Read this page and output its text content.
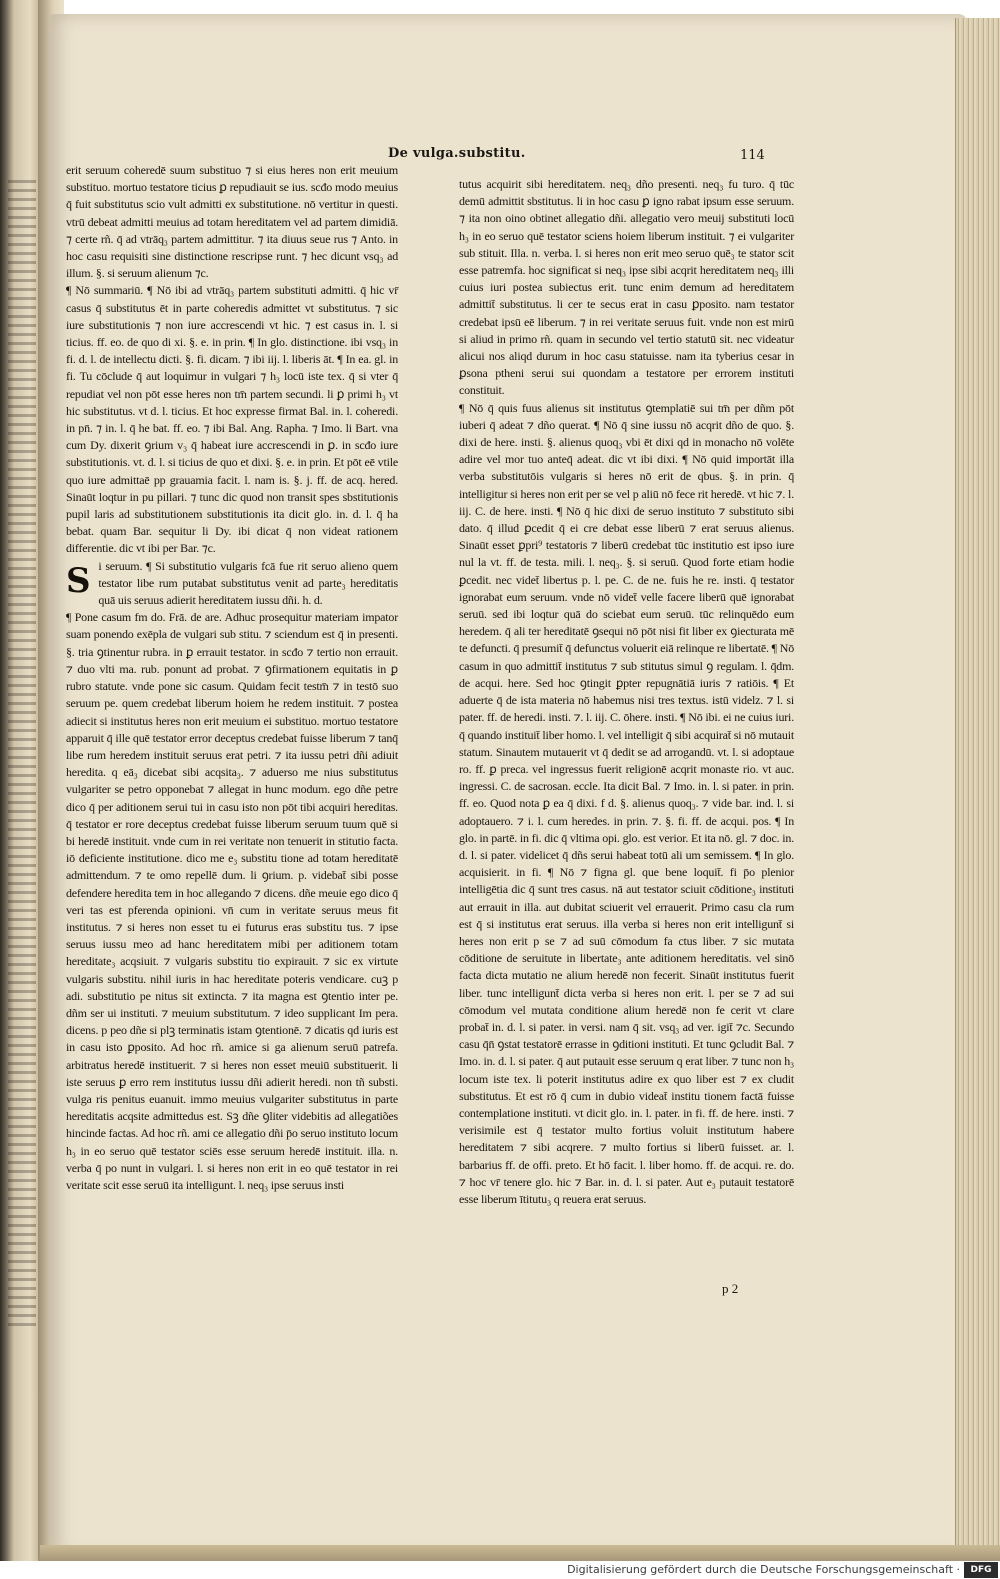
De vulga.substitu.	114

erit seruum coheredē suum substituo ⁊ si eius heres non erit meuium substituo. mortuo testatore ticius ꝑ repudiauit se ius. scđo modo meuius q̄ fuit substitutus scio vult admitti ex substitutione. nō vertitur in questi. vtrū debeat admitti meuius ad totam hereditatem vel ad partem dimidiā. ⁊ certe rñ. q̄ ad vtrāq₃ partem admittitur. ⁊ ita diuus seue rus ⁊ Anto. in hoc casu requisiti sine distinctione rescripse runt. ⁊ hec dicunt vsq₃ ad illum. §. si seruum alienum ⁊c.

¶ Nō summariū. ¶ Nō ibi ad vtrāq₃ partem substituti admitti. q̄ hic vr̄ casus q̄ substitutus ēt in parte coheredis admittet vt substitutus. ⁊ sic iure substitutionis ⁊ non iure accrescendi vt hic. ⁊ est casus in. l. si ticius. ff. eo. de quo di xi. §. e. in prin. ¶ In glo. distinctione. ibi vsq₃ in fi. d. l. de intellectu dicti. §. fi. dicam. ⁊ ibi iij. l. liberis āt. ¶ In ea. gl. in fi. Tu cōclude q̄ aut loquimur in vulgari ⁊ h₃ locū iste tex. q̄ si vter q̄ repudiat vel non pōt esse heres non tm̄ partem secundi. li ꝑ primi h₃ vt hic substitutus. vt d. l. ticius. Et hoc expresse firmat Bal. in. l. coheredi. in pn̄. ⁊ in. l. q̄ he bat. ff. eo. ⁊ ibi Bal. Ang. Rapha. ⁊ Imo. li Bart. vna cum Dy. dixerit ꝯrium v₃ q̄ habeat iure accrescendi in ꝑ. in scđo iure substitutionis. vt. d. l. si ticius de quo et dixi. §. e. in prin. Et pōt eē vtile quo iure admittaē pp grauamia facit. l. nam is. §. j. ff. de acq. hered. Sinaūt loqtur in pu pillari. ⁊ tunc dic quod non transit spes sbstitutionis pupil laris ad substitutionem substitutionis ita dicit glo. in. d. l. q̄ ha bebat. quam Bar. sequitur li Dy. ibi dicat q̄ non videat rationem differentie. dic vt ibi per Bar. ⁊c.

Si seruum. ¶ Si substitutio vulgaris fcā fue rit seruo alieno quem testator libe rum putabat substitutus venit ad parte₃ hereditatis quā uis seruus adierit hereditatem iussu dñi. h. d.

¶ Pone casum fm do. Frā. de are. Adhuc prosequitur materiam impator suam ponendo exēpla de vulgari sub stitu. ⁊ sciendum est q̄ in presenti. §. tria ꝯtinentur rubra. in ꝑ errauit testator. in scđo ⁊ tertio non errauit. ⁊ duo vlti ma. rub. ponunt ad probat. ⁊ ꝯfirmationem equitatis in ꝑ rubro statute. vnde pone sic casum. Quidam fecit testm̄ ⁊ in testō suo seruum pe. quem credebat liberum hoiem he redem instituit. ⁊ postea adiecit si institutus heres non erit meuium ei substituo. mortuo testatore apparuit q̄ ille quē testator error deceptus credebat fuisse liberum ⁊ tanq̄ libe rum heredem instituit seruus erat petri. ⁊ ita iussu petri dñi adiuit heredita. q eā₃ dicebat sibi acqsita₃. ⁊ aduerso me nius substitutus vulgariter se petro opponebat ⁊ allegat in hunc modum. ego dñe petre dico q̄ per aditionem serui tui in casu isto non pōt tibi acquiri hereditas. q̄ testator er rore deceptus credebat fuisse liberum seruum tuum quē si bi heredē instituit. vnde cum in rei veritate non tenuerit in stitutio facta. iō deficiente institutione. dico me e₃ substitu tione ad totam hereditatē admittendum. ⁊ te omo repellē dum. li ꝯrium. p. videbat̄ sibi posse defendere heredita tem in hoc allegando ⁊ dicens. dñe meuie ego dico q̄ veri tas est pferenda opinioni. vn̄ cum in veritate seruus meus fit institutus. ⁊ si heres non esset tu ei futurus eras substitu tus. ⁊ ipse seruus iussu meo ad hanc hereditatem mibi per aditionem totam hereditate₃ acqsiuit. ⁊ vulgaris substitu tio expirauit. ⁊ sic ex virtute vulgaris substitu. nihil iuris in hac hereditate poteris vendicare. cuꝫ p adi. substitutio pe nitus sit extincta. ⁊ ita magna est ꝯtentio inter pe. dñm ser ui instituti. ⁊ meuium substitutum. ⁊ ideo supplicant Im pera. dicens. p peo dñe si plꝫ terminatis istam ꝯtentionē. ⁊ dicatis qd iuris est in casu isto ꝑposito. Ad hoc rñ. amice si ga alienum seruū patrefa. arbitratus heredē instituerit. ⁊ si heres non esset meuiū substituerit. li iste seruus ꝑ erro rem institutus iussu dñi adierit heredi. non tñ substi. vulga ris penitus euanuit. immo meuius vulgariter substitutus in parte hereditatis acqsite admittedus est. Sꝫ dñe ꝯliter videbitis ad allegatiões hincinde factas. Ad hoc rñ. ami ce allegatio dñi p̄o seruo instituto locum h₃ in eo seruo quē testator sciēs esse seruum heredē instituit. illa. n. verba q̄ po nunt in vulgari. l. si heres non erit in eo quē testator in rei veritate scit esse seruū ita intelligunt. l. neq₃ ipse seruus insti

tutus acquirit sibi hereditatem. neq₃ dño presenti. neq₃ fu turo. q̄ tūc demū admittit sbstitutus. li in hoc casu ꝑ igno rabat ipsum esse seruum. ⁊ ita non oino obtinet allegatio dñi. allegatio vero meuij substituti locū h₃ in eo seruo quē testator sciens hoiem liberum instituit. ⁊ ei vulgariter sub stituit. Illa. n. verba. l. si heres non erit meo seruo quē₃ te stator scit esse patremfa. hoc significat si neq₃ ipse sibi acqrit hereditatem neq₃ illi cuius iuri postea subiectus erit. tunc enim demum ad hereditatem admittit̄ substitutus. li cer te secus erat in casu ꝑposito. nam testator credebat ipsū eē liberum. ⁊ in rei veritate seruus fuit. vnde non est mirū si aliud in primo rñ. quam in secundo vel tertio statutū sit. nec videatur alicui nos aliqd durum in hoc casu statuisse. nam ita tyberius cesar in ꝑsona ptheni serui sui quondam a testatore per errorem instituti constituit.

¶ Nō q̄ quis fuus alienus sit institutus ꝯtemplatiē sui tm̄ per dñm pōt iuberi q̄ adeat ⁊ dño querat. ¶ Nō q̄ sine iussu nō acqrit dño de quo. §. dixi de here. insti. §. alienus quoq₃ vbi ēt dixi qd in monacho nō volēte adire vel mor tuo anteq̄ adeat. dic vt ibi dixi. ¶ Nō quid importāt illa verba substitutōis vulgaris si heres nō erit de qbus. §. in prin. q̄ intelligitur si heres non erit per se vel p aliū nō fece rit heredē. vt hic ⁊. l. iij. C. de here. insti. ¶ Nō q̄ hic dixi de seruo instituto ⁊ substituto sibi dato. q̄ illud ꝑcedit q̄ ei cre debat esse liberū ⁊ erat seruus alienus. Sinaūt esset ꝑpri⁹ testatoris ⁊ liberū credebat tūc institutio est ipso iure nul la vt. ff. de testa. mili. l. neq₃. §. si seruū. Quod forte etiam hodie ꝑcedit. nec videt̄ libertus p. l. pe. C. de ne. fuis he re. insti. q̄ testator ignorabat eum seruum. vnde nō videt̄ velle facere liberū quē ignorabat seruū. sed ibi loqtur quā do sciebat eum seruū. tūc relinquēdo eum heredem. q̄ ali ter hereditatē ꝯsequi nō pōt nisi fit liber ex ꝯiecturata mē te defuncti. q̄ presumit̄ q̄ defunctus voluerit eiā relinque re libertatē. ¶ Nō casum in quo admittit̄ institutus ⁊ sub stitutus simul ꝯ regulam. l. q̄dm. de acqui. here. Sed hoc ꝯtingit ꝑpter repugnātiā iuris ⁊ ratiōis. ¶ Et aduerte q̄ de ista materia nō habemus nisi tres textus. istū videlz. ⁊ l. si pater. ff. de heredi. insti. ⁊. l. iij. C. ōhere. insti. ¶ Nō ibi. ei ne cuius iuri. q̄ quando instituit̄ liber homo. l. vel intelligit q̄ sibi acquirat̄ si nō mutauit statum. Sinautem mutauerit vt q̄ dedit se ad arrogandū. vt. l. si adoptaue ro. ff. ꝑ preca. vel ingressus fuerit religionē acqrit monaste rio. vt auc. ingressi. C. de sacrosan. eccle. Ita dicit Bal. ⁊ Imo. in. l. si pater. in prin. ff. eo. Quod nota ꝑ ea q̄ dixi. f d. §. alienus quoq₃. ⁊ vide bar. ind. l. si adoptauero. ⁊ i. l. cum heredes. in prin. ⁊. §. fi. ff. de acqui. pos. ¶ In glo. in partē. in fi. dic q̄ vltima opi. glo. est verior. Et ita nō. gl. ⁊ doc. in. d. l. si pater. videlicet q̄ dñs serui habeat totū ali um semissem. ¶ In glo. acquisierit. in fi. ¶ Nō ⁊ figna gl. que bene loquit̄. fi p̄o plenior intelligētia dic q̄ sunt tres casus. nā aut testator sciuit cōditione₃ instituti aut errauit in illa. aut dubitat sciuerit vel errauerit. Primo casu cla rum est q̄ si institutus erat seruus. illa verba si heres non erit intelligunt̄ si heres non erit p se ⁊ ad suū cōmodum fa ctus liber. ⁊ sic mutata cōditione de seruitute in libertate₃ ante aditionem hereditatis. vel sinō facta dicta mutatio ne alium heredē non fecerit. Sinaūt institutus fuerit liber. tunc intelligunt̄ dicta verba si heres non erit. l. per se ⁊ ad sui cōmodum vel mutata conditione alium heredē non fe cerit vt clare probat̄ in. d. l. si pater. in versi. nam q̄ sit. vsq₃ ad ver. igit̄ ⁊c. Secundo casu q̄n̄ ꝯstat testatorē errasse in ꝯditioni instituti. Et tunc ꝯcludit Bal. ⁊ Imo. in. d. l. si pater. q̄ aut putauit esse seruum q erat liber. ⁊ tunc non h₃ locum iste tex. li poterit institutus adire ex quo liber est ⁊ ex cludit substitutus. Et est rō q̄ cum in dubio videat̄ institu tionem factā fuisse contemplatione instituti. vt dicit glo. in. l. pater. in fi. ff. de here. insti. ⁊ verisimile est q̄ testator multo fortius voluit institutum habere hereditatem ⁊ sibi acqrere. ⁊ multo fortius si liberū fuisset. ar. l. barbarius ff. de offi. preto. Et hō facit. l. liber homo. ff. de acqui. re. do. ⁊ hoc vr̄ tenere glo. hic ⁊ Bar. in. d. l. si pater. Aut e₃ putauit testatorē esse liberum ītitutu₃ q reuera erat seruus.

p 2
Digitalisierung gefördert durch die Deutsche Forschungsgemeinschaft ·	DFG
